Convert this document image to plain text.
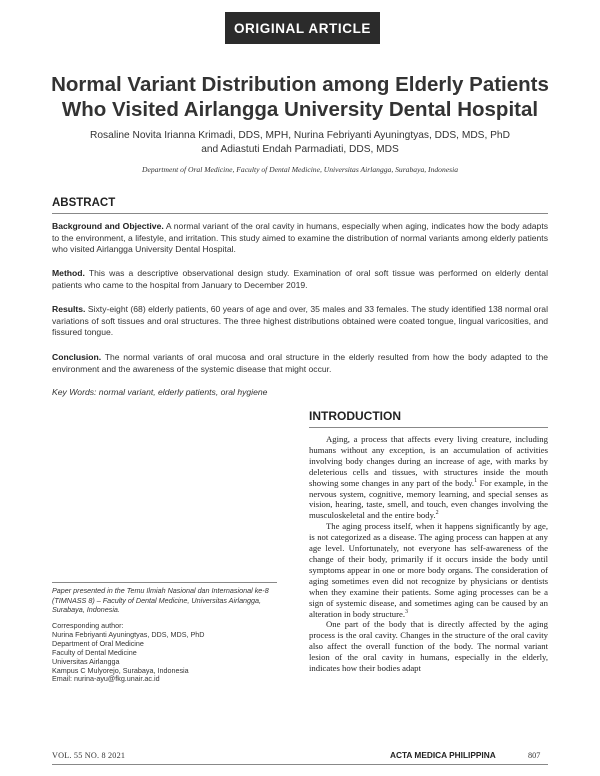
ORIGINAL ARTICLE
Normal Variant Distribution among Elderly Patients
Who Visited Airlangga University Dental Hospital
Rosaline Novita Irianna Krimadi, DDS, MPH, Nurina Febriyanti Ayuningtyas, DDS, MDS, PhD
and Adiastuti Endah Parmadiati, DDS, MDS
Department of Oral Medicine, Faculty of Dental Medicine, Universitas Airlangga, Surabaya, Indonesia
ABSTRACT
Background and Objective. A normal variant of the oral cavity in humans, especially when aging, indicates how the body adapts to the environment, a lifestyle, and irritation. This study aimed to examine the distribution of normal variants among elderly patients who visited Airlangga University Dental Hospital.
Method. This was a descriptive observational design study. Examination of oral soft tissue was performed on elderly dental patients who came to the hospital from January to December 2019.
Results. Sixty-eight (68) elderly patients, 60 years of age and over, 35 males and 33 females. The study identified 138 normal oral variations of soft tissues and oral structures. The three highest distributions obtained were coated tongue, lingual varicosities, and fissured tongue.
Conclusion. The normal variants of oral mucosa and oral structure in the elderly resulted from how the body adapted to the environment and the awareness of the systemic disease that might occur.
Key Words: normal variant, elderly patients, oral hygiene
INTRODUCTION

Aging, a process that affects every living creature, including humans without any exception, is an accumulation of activities involving body changes during an increase of age, with marks by deleterious cells and tissues, with structures inside the mouth showing some changes in any part of the body.$^1$ For example, in the nervous system, cognitive, memory learning, and special senses as vision, hearing, taste, smell, and touch, even changes involving the musculoskeletal and the entire body.$^2$

The aging process itself, when it happens significantly by age, is not categorized as a disease. The aging process can happen at any age level. Unfortunately, not everyone has self-awareness of the change of their body, primarily if it occurs inside the body until symptoms appear in one or more body organs. The consideration of aging sometimes even did not recognize by physicians or dentists when they examine their patients. Some aging processes can be a sign of systemic disease, and sometimes aging can be caused by an alteration in body structure.$^3$

One part of the body that is directly affected by the aging process is the oral cavity. Changes in the structure of the oral cavity also affect the overall function of the body. The normal variant lesion of the oral cavity in humans, especially in the elderly, indicates how their bodies adapt

Paper presented in the Temu Ilmiah Nasional dan Internasional ke-8 (TIMNASS 8) – Faculty of Dental Medicine, Universitas Airlangga, Surabaya, Indonesia.
Corresponding author:
Nurina Febriyanti Ayuningtyas, DDS, MDS, PhD
Department of Oral Medicine
Faculty of Dental Medicine
Universitas Airlangga
Kampus C Mulyorejo, Surabaya, Indonesia
Email: nurina-ayu@fkg.unair.ac.id
VOL. 55 NO. 8 2021	ACTA MEDICA PHILIPPINA	807
